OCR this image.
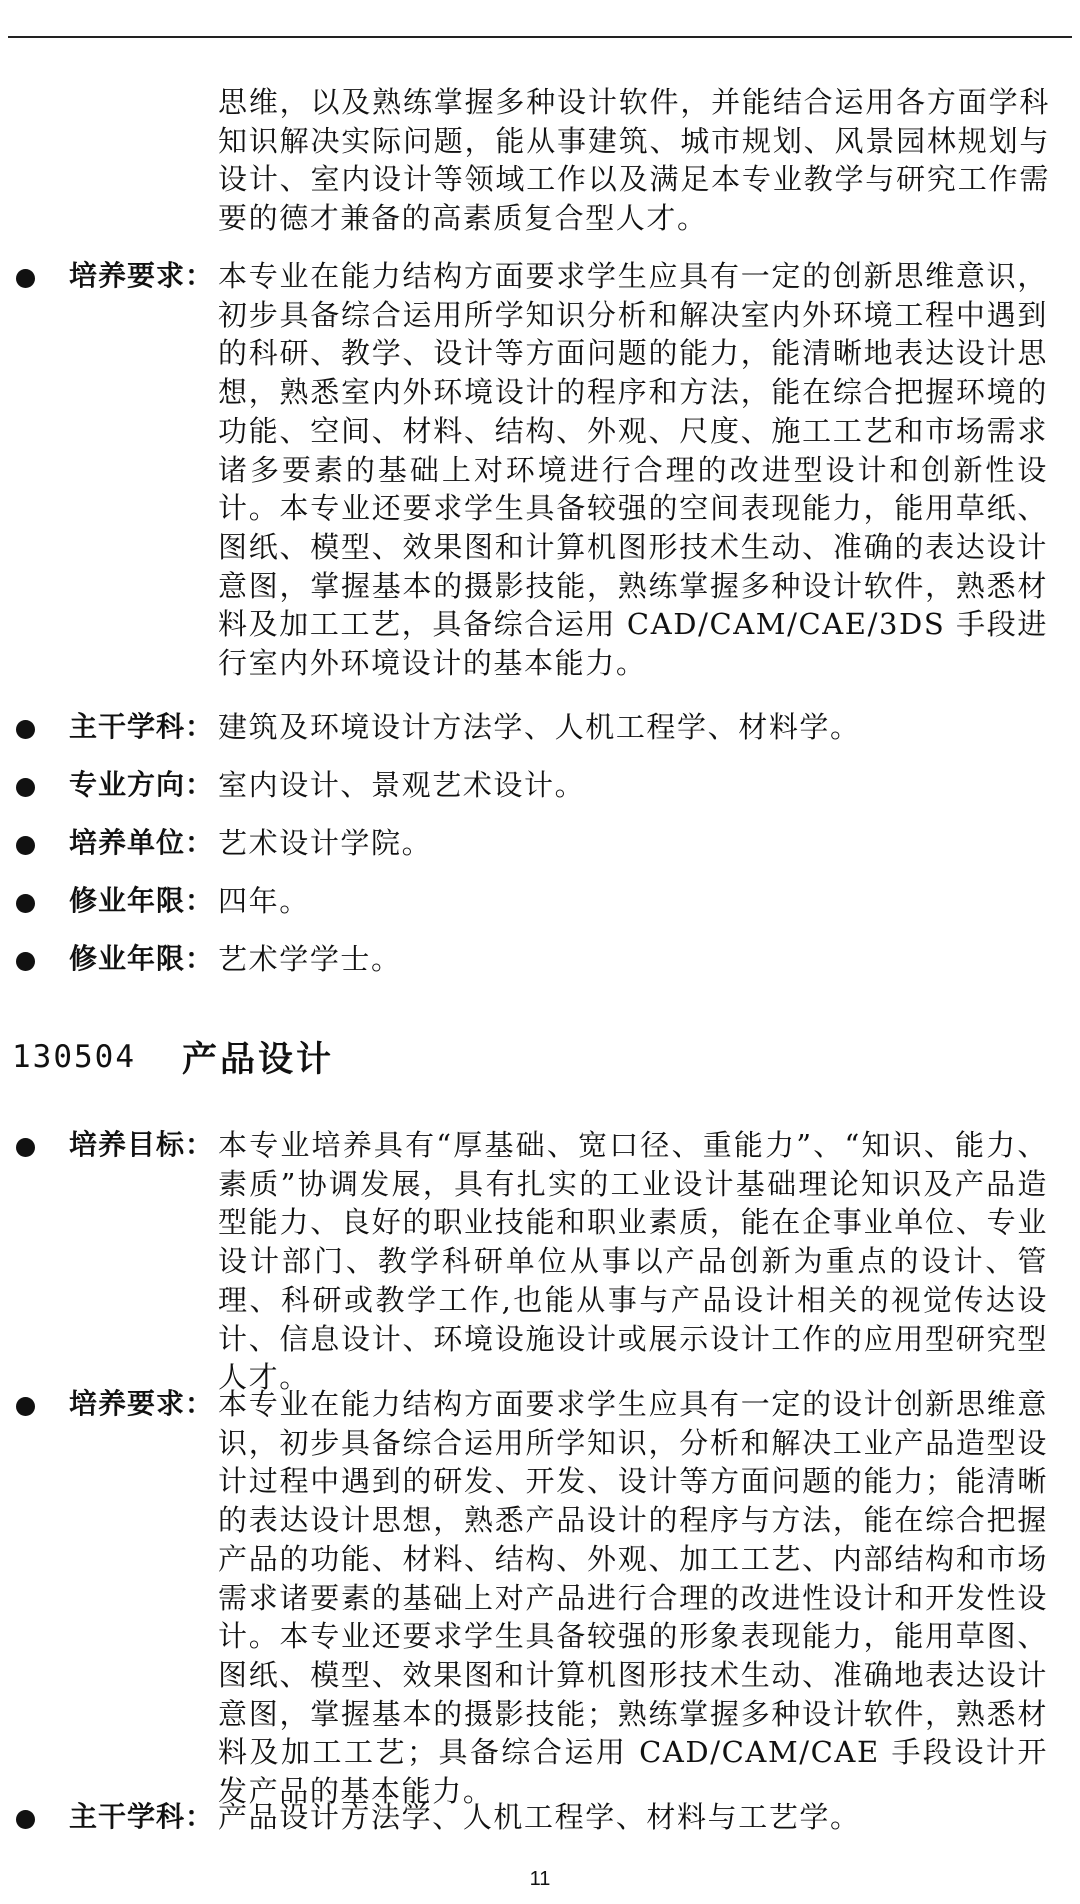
思维，以及熟练掌握多种设计软件，并能结合运用各方面学科知识解决实际问题，能从事建筑、城市规划、风景园林规划与设计、室内设计等领域工作以及满足本专业教学与研究工作需要的德才兼备的高素质复合型人才。

培养要求： 本专业在能力结构方面要求学生应具有一定的创新思维意识，初步具备综合运用所学知识分析和解决室内外环境工程中遇到的科研、教学、设计等方面问题的能力，能清晰地表达设计思想，熟悉室内外环境设计的程序和方法，能在综合把握环境的功能、空间、材料、结构、外观、尺度、施工工艺和市场需求诸多要素的基础上对环境进行合理的改进型设计和创新性设计。本专业还要求学生具备较强的空间表现能力，能用草纸、图纸、模型、效果图和计算机图形技术生动、准确的表达设计意图，掌握基本的摄影技能，熟练掌握多种设计软件，熟悉材料及加工工艺，具备综合运用 CAD/CAM/CAE/3DS 手段进行室内外环境设计的基本能力。
主干学科： 建筑及环境设计方法学、人机工程学、材料学。
专业方向： 室内设计、景观艺术设计。
培养单位： 艺术设计学院。
修业年限： 四年。
修业年限： 艺术学学士。
130504	产品设计
培养目标： 本专业培养具有“厚基础、宽口径、重能力”、“知识、能力、素质”协调发展，具有扎实的工业设计基础理论知识及产品造型能力、良好的职业技能和职业素质，能在企事业单位、专业设计部门、教学科研单位从事以产品创新为重点的设计、管理、科研或教学工作,也能从事与产品设计相关的视觉传达设计、信息设计、环境设施设计或展示设计工作的应用型研究型人才。
培养要求： 本专业在能力结构方面要求学生应具有一定的设计创新思维意识，初步具备综合运用所学知识，分析和解决工业产品造型设计过程中遇到的研发、开发、设计等方面问题的能力；能清晰的表达设计思想，熟悉产品设计的程序与方法，能在综合把握产品的功能、材料、结构、外观、加工工艺、内部结构和市场需求诸要素的基础上对产品进行合理的改进性设计和开发性设计。本专业还要求学生具备较强的形象表现能力，能用草图、图纸、模型、效果图和计算机图形技术生动、准确地表达设计意图，掌握基本的摄影技能；熟练掌握多种设计软件，熟悉材料及加工工艺；具备综合运用 CAD/CAM/CAE 手段设计开发产品的基本能力。
主干学科： 产品设计方法学、人机工程学、材料与工艺学。
11
